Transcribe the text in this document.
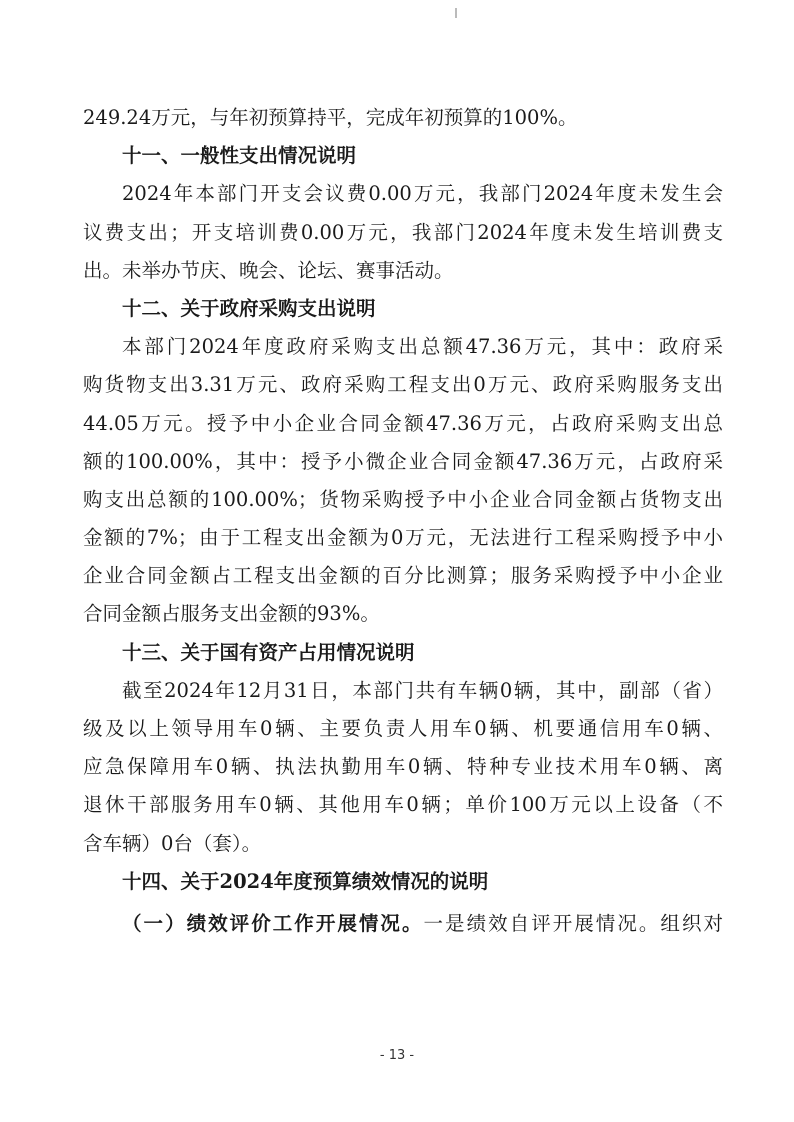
249.24万元，与年初预算持平，完成年初预算的100%。
十一、一般性支出情况说明
2024年本部门开支会议费0.00万元，我部门2024年度未发生会
议费支出；开支培训费0.00万元，我部门2024年度未发生培训费支
出。未举办节庆、晚会、论坛、赛事活动。
十二、关于政府采购支出说明
本部门2024年度政府采购支出总额47.36万元，其中：政府采
购货物支出3.31万元、政府采购工程支出0万元、政府采购服务支出
44.05万元。授予中小企业合同金额47.36万元，占政府采购支出总
额的100.00%，其中：授予小微企业合同金额47.36万元，占政府采
购支出总额的100.00%；货物采购授予中小企业合同金额占货物支出
金额的7%；由于工程支出金额为0万元，无法进行工程采购授予中小
企业合同金额占工程支出金额的百分比测算；服务采购授予中小企业
合同金额占服务支出金额的93%。
十三、关于国有资产占用情况说明
截至2024年12月31日，本部门共有车辆0辆，其中，副部（省）
级及以上领导用车0辆、主要负责人用车0辆、机要通信用车0辆、
应急保障用车0辆、执法执勤用车0辆、特种专业技术用车0辆、离
退休干部服务用车0辆、其他用车0辆；单价100万元以上设备（不
含车辆）0台（套）。
十四、关于2024年度预算绩效情况的说明
（一）绩效评价工作开展情况。一是绩效自评开展情况。组织对
- 13 -
